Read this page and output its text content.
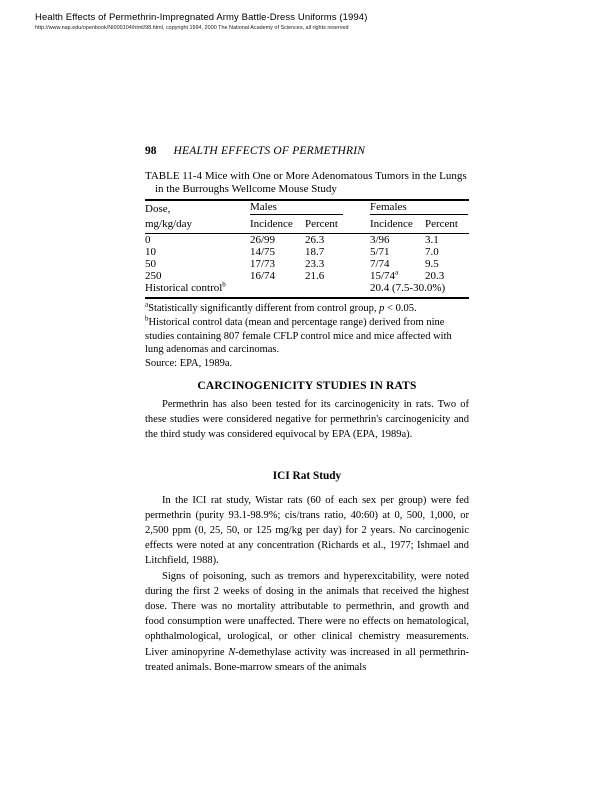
Health Effects of Permethrin-Impregnated Army Battle-Dress Uniforms (1994)
http://www.nap.edu/openbook/NI000104/html/98.html, copyright 1994, 2000 The National Academy of Sciences, all rights reserved
98 HEALTH EFFECTS OF PERMETHRIN
TABLE 11-4 Mice with One or More Adenomatous Tumors in the Lungs in the Burroughs Wellcome Mouse Study
Dose,	Males		Females	

mg/kg/day	Incidence	Percent	Incidence	Percent
0	26/99	26.3	3/96	3.1
10	14/75	18.7	5/71	7.0
50	17/73	23.3	7/74	9.5
250	16/74	21.6	15/74$^a$	20.3
Historical control$^b$			20.4 (7.5-30.0%)	
$^a$Statistically significantly different from control group, p < 0.05.
$^b$Historical control data (mean and percentage range) derived from nine studies containing 807 female CFLP control mice and mice affected with lung adenomas and carcinomas.
Source: EPA, 1989a.
CARCINOGENICITY STUDIES IN RATS

Permethrin has also been tested for its carcinogenicity in rats. Two of these studies were considered negative for permethrin's carcinogenicity and the third study was considered equivocal by EPA (EPA, 1989a).

ICI Rat Study

In the ICI rat study, Wistar rats (60 of each sex per group) were fed permethrin (purity 93.1-98.9%; cis/trans ratio, 40:60) at 0, 500, 1,000, or 2,500 ppm (0, 25, 50, or 125 mg/kg per day) for 2 years. No carcinogenic effects were noted at any concentration (Richards et al., 1977; Ishmael and Litchfield, 1988).

Signs of poisoning, such as tremors and hyperexcitability, were noted during the first 2 weeks of dosing in the animals that received the highest dose. There was no mortality attributable to permethrin, and growth and food consumption were unaffected. There were no effects on hematological, ophthalmological, urological, or other clinical chemistry measurements. Liver aminopyrine N-demethylase activity was increased in all permethrin-treated animals. Bone-marrow smears of the animals
